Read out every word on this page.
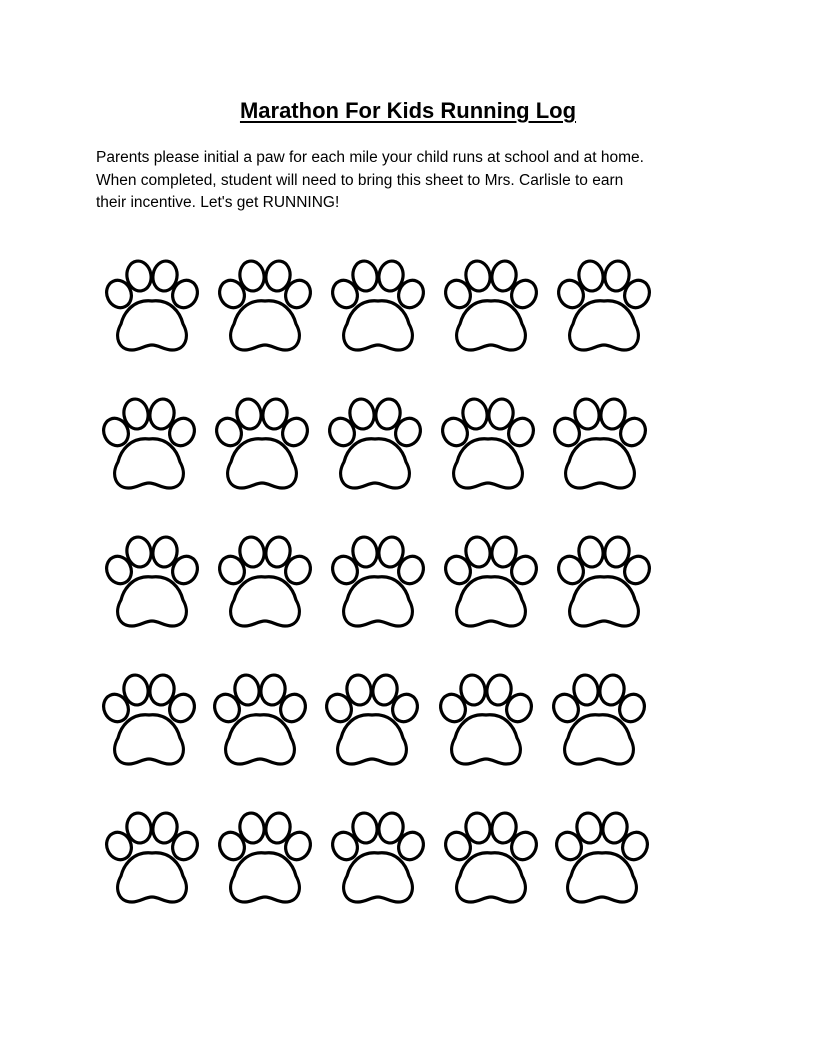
Marathon For Kids Running Log

Parents please initial a paw for each mile your child runs at school and at home.
When completed, student will need to bring this sheet to Mrs. Carlisle to earn
their incentive. Let's get RUNNING!
